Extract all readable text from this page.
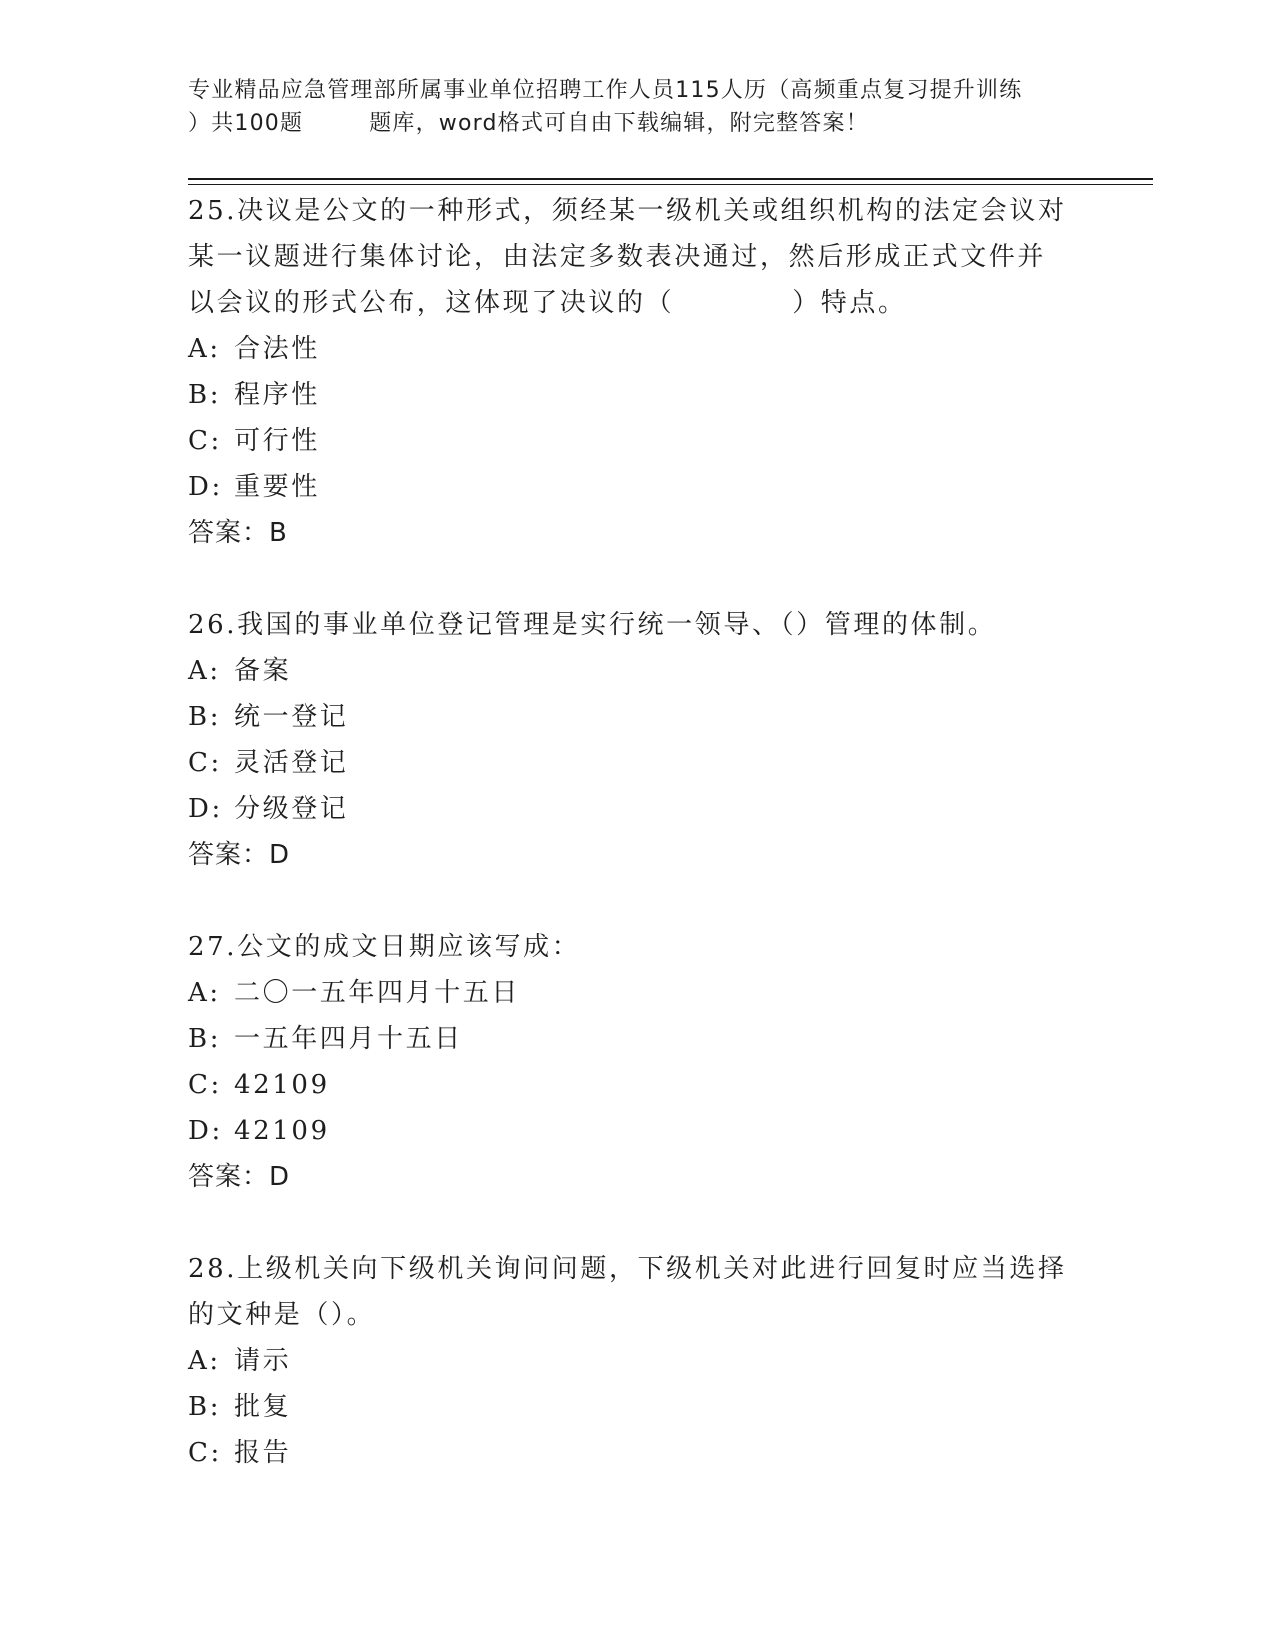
专业精品应急管理部所属事业单位招聘工作人员115人历（高频重点复习提升训练
）共100题	题库，word格式可自由下载编辑，附完整答案！
25.决议是公文的一种形式，须经某一级机关或组织机构的法定会议对
某一议题进行集体讨论，由法定多数表决通过，然后形成正式文件并
以会议的形式公布，这体现了决议的（	）特点。
A: 合法性
B: 程序性
C: 可行性
D: 重要性
答案：B
26.我国的事业单位登记管理是实行统一领导、（）管理的体制。
A: 备案
B: 统一登记
C: 灵活登记
D: 分级登记
答案：D
27.公文的成文日期应该写成：
A: 二〇一五年四月十五日
B: 一五年四月十五日
C: 42109
D: 42109
答案：D
28.上级机关向下级机关询问问题，下级机关对此进行回复时应当选择
的文种是（）。
A: 请示
B: 批复
C: 报告
